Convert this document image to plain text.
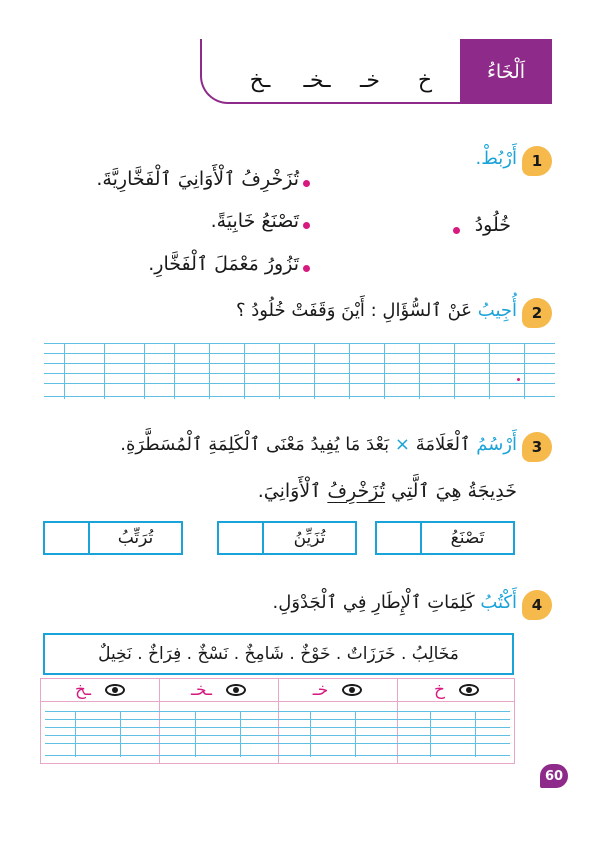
اَلْخَاءُ
خ
خـ
ـخـ
ـخ
1
أَرْبُطْ.
تُزَخْرِفُ ٱلْأَوَانِيَ ٱلْفَخَّارِيَّةَ.
تَصْنَعُ خَابِيَةً.
تَزُورُ مَعْمَلَ ٱلْفَخَّارِ.
خُلُودُ
2
أُجِيبُ عَنْ ٱلسُّؤَالِ : أَيْنَ وَقَفَتْ خُلُودُ ؟
3
أَرْسُمُ ٱلْعَلَامَةَ × بَعْدَ مَا يُفِيدُ مَعْنَى ٱلْكَلِمَةِ ٱلْمُسَطَّرَةِ.
خَدِيجَةُ هِيَ ٱلَّتِي تُزَخْرِفُ ٱلْأَوَانِيَ.
تَصْنَعُ
تُزَيِّنُ
تُرَتِّبُ
4
أَكْتُبُ كَلِمَاتِ ٱلْإِطَارِ فِي ٱلْجَدْوَلِ.
مَخَالِبُ . خَرَزَاتٌ . خَوْخٌ . شَامِخٌ . نَسْخٌ . فِرَاخٌ . نَخِيلٌ
خ
خـ
ـخـ
ـخ
60
